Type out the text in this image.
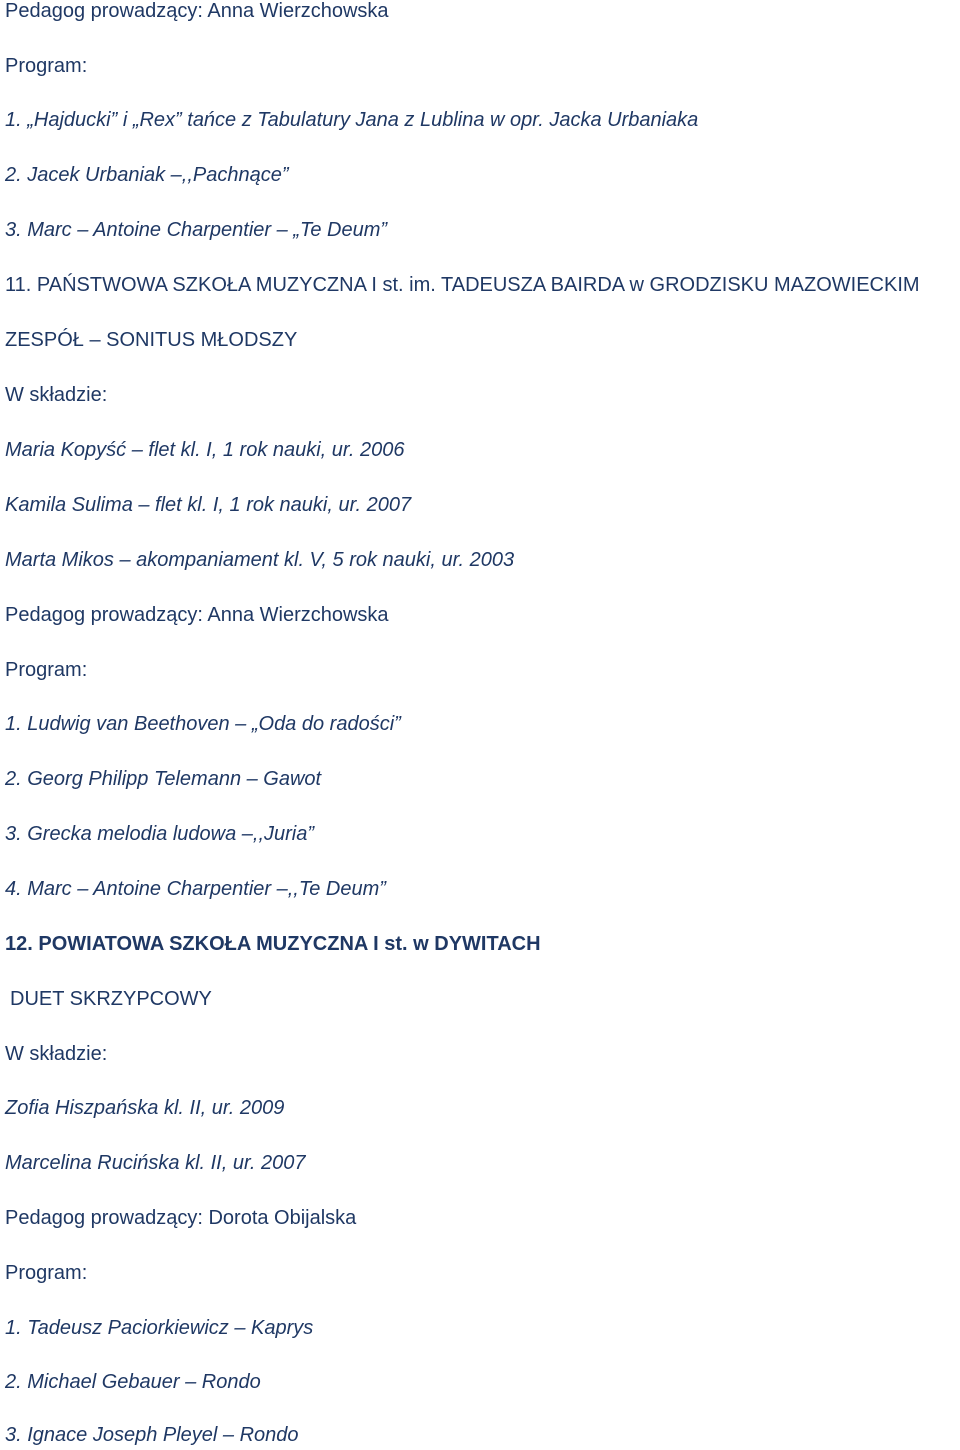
Pedagog prowadzący: Anna Wierzchowska
Program:
1. „Hajducki” i „Rex” tańce z Tabulatury Jana z Lublina w opr. Jacka Urbaniaka
2. Jacek Urbaniak –,,Pachnące”
3. Marc – Antoine Charpentier – „Te Deum”
11. PAŃSTWOWA SZKOŁA MUZYCZNA I st. im. TADEUSZA BAIRDA w GRODZISKU MAZOWIECKIM
ZESPÓŁ – SONITUS MŁODSZY
W składzie:
Maria Kopyść – flet kl. I, 1 rok nauki, ur. 2006
Kamila Sulima – flet kl. I, 1 rok nauki, ur. 2007
Marta Mikos – akompaniament kl. V, 5 rok nauki, ur. 2003
Pedagog prowadzący: Anna Wierzchowska
Program:
1. Ludwig van Beethoven – „Oda do radości”
2. Georg Philipp Telemann – Gawot
3. Grecka melodia ludowa –,,Juria”
4. Marc – Antoine Charpentier –,,Te Deum”
12. POWIATOWA SZKOŁA MUZYCZNA I st. w DYWITACH
DUET SKRZYPCOWY
W składzie:
Zofia Hiszpańska kl. II, ur. 2009
Marcelina Rucińska kl. II, ur. 2007
Pedagog prowadzący: Dorota Obijalska
Program:
1. Tadeusz Paciorkiewicz – Kaprys
2. Michael Gebauer – Rondo
3. Ignace Joseph Pleyel – Rondo
